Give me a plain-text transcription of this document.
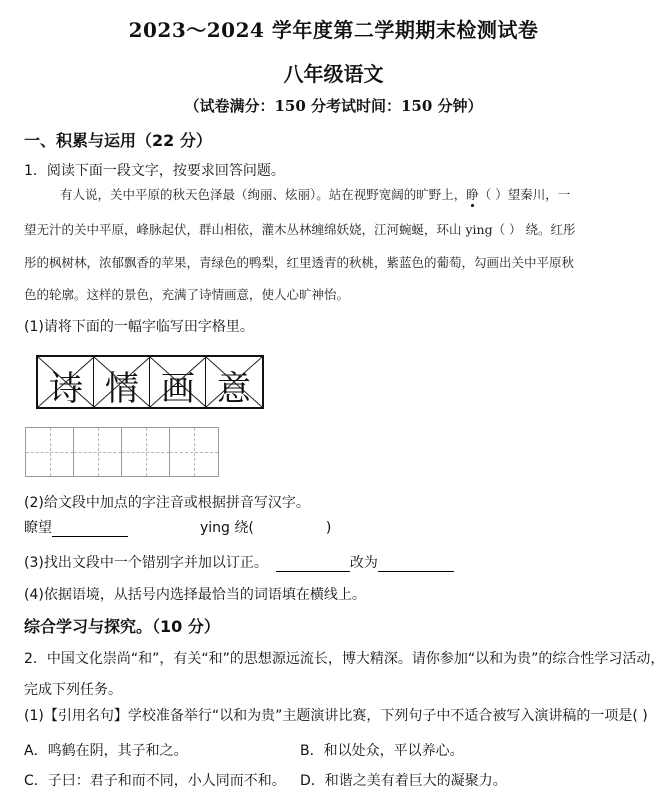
2023～2024 学年度第二学期期末检测试卷
八年级语文
（试卷满分：150 分考试时间：150 分钟）
一、积累与运用（22 分）
1．阅读下面一段文字，按要求回答问题。
有人说，关中平原的秋天色泽最（绚丽、炫丽）。站在视野宽阔的旷野上，睁（ ）望秦川，一
望无汁的关中平原，峰脉起伏，群山相依，灌木丛林缠绵妖娆，江河蜿蜒，环山 ying（ ） 绕。红彤
彤的枫树林，浓郁飘香的苹果，青绿色的鸭梨，红里透青的秋桃，紫蓝色的葡萄，勾画出关中平原秋
色的轮廓。这样的景色，充满了诗情画意，使人心旷神怡。
(1)请将下面的一幅字临写田字格里。
诗 情 画 意
(2)给文段中加点的字注音或根据拼音写汉字。
瞭望	ying 绕(	)
(3)找出文段中一个错别字并加以订正。	改为
(4)依据语境，从括号内选择最恰当的词语填在横线上。
综合学习与探究。（10 分）
2．中国文化崇尚“和”，有关“和”的思想源远流长，博大精深。请你参加“以和为贵”的综合性学习活动，
完成下列任务。
(1)【引用名句】学校准备举行“以和为贵”主题演讲比赛，下列句子中不适合被写入演讲稿的一项是( )
A．鸣鹤在阴，其子和之。	B．和以处众，平以养心。
C．子曰：君子和而不同，小人同而不和。 D．和谐之美有着巨大的凝聚力。
